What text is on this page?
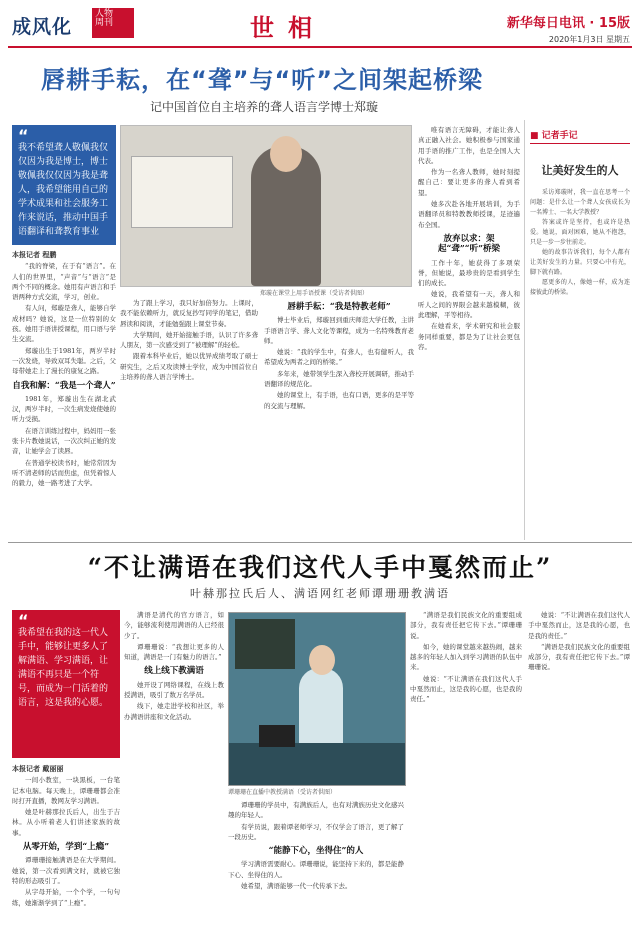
成风化
人物
周刊	世相	新华每日电讯 · 15版
2020年1月3日 星期五
唇耕手耘，在“聋”与“听”之间架起桥梁
记中国首位自主培养的聋人语言学博士郑璇
“
我不希望聋人敬佩我仅仅因为我是博士，博士敬佩我仅仅因为我是聋人，我希望能用自己的学术成果和社会服务工作来说话，推动中国手语翻译和聋教育事业

本报记者 程鹏

“我的脊梁，在于有“语言”。在人们的世界里，“声音”与“语言”是两个不同的概念。她用有声语言和手语两种方式交流，学习，创业。

有人问，郑璇是聋人，能够自学成材吗？她说，这是一位特别的女孩。她用手语讲授课程，用口语与学生交流。

郑璇出生于1981年，两岁半时一次发烧，导致双耳失聪。之后，父母带她走上了漫长的康复之路。

自我和解：“我是一个聋人”

1981年，郑璇出生在湖北武汉，两岁半时，一次生病发烧使她的听力受损。

在语言训练过程中，妈妈用一张张卡片教她说话，一次次纠正她的发音，让她学会了读唇。

在普通学校读书时，她常常因为听不清老师的话而焦虑，但凭着惊人的毅力，她一路考进了大学。

郑璇在课堂上用手语授课（受访者供图）

为了跟上学习，我只好加倍努力。上课时，我不能依赖听力，就反复抄写同学的笔记，借助唇读和阅读，才能勉强跟上课堂节奏。

大学期间，她开始接触手语，认识了许多聋人朋友，第一次感受到了“被理解”的轻松。

跟着本科毕业后，她以优异成绩考取了硕士研究生，之后又攻读博士学位，成为中国首位自主培养的聋人语言学博士。

唇耕手耘：“我是特教老师”

博士毕业后，郑璇回到重庆师范大学任教，主讲手语语言学、聋人文化等课程，成为一名特殊教育老师。

她说：“我的学生中，有聋人，也有健听人，我希望成为两者之间的桥梁。”

多年来，她带领学生深入聋校开展调研，推动手语翻译的规范化。

她的课堂上，有手语，也有口语，更多的是平等的交流与理解。

唯有语言无障碍，才能让聋人真正融入社会。她积极参与国家通用手语的推广工作，也是全国人大代表。

作为一名聋人教师，她时刻提醒自己：要让更多的聋人看到希望。

她多次赴各地开展培训，为手语翻译员和特教教师授课，足迹遍布全国。

放弃以求：架起“聋”“听”桥梁

工作十年，她获得了多项荣誉，但她说，最珍贵的是看到学生们的成长。

她说，我希望有一天，聋人和听人之间的界限会越来越模糊，彼此理解，平等相待。

在她看来，学术研究和社会服务同样重要，都是为了让社会更包容。

■ 记者手记
让美好发生的人

采访郑璇时，我一直在思考一个问题：是什么让一个聋人女孩成长为一名博士、一名大学教授？

答案或许是坚持，也或许是热爱。她说，面对困难，她从不抱怨，只是一步一步往前走。

她的故事告诉我们，每个人都有让美好发生的力量。只要心中有光，脚下就有路。

愿更多的人，像她一样，成为连接彼此的桥梁。

“不让满语在我们这代人手中戛然而止”
叶赫那拉氏后人、满语网红老师谭珊珊教满语
“
我希望在我的这一代人手中，能够让更多人了解满语、学习满语，让满语不再只是一个符号，而成为一门活着的语言，这是我的心愿。

本报记者 戴丽丽

一间小教室，一块黑板，一台笔记本电脑。每天晚上，谭珊珊都会准时打开直播，教网友学习满语。

她是叶赫那拉氏后人，出生于吉林。从小听着老人们讲述家族的故事。

从零开始，学到“上瘾”

谭珊珊接触满语是在大学期间。她说，第一次看到满文时，就被它独特的形态吸引了。

从字母开始，一个个学，一句句练，她渐渐学到了“上瘾”。

满语是清代的官方语言，如今，能够流利使用满语的人已经很少了。

谭珊珊说：“我想让更多的人知道，满语是一门有魅力的语言。”

线上线下教满语

她开设了网络课程，在线上教授满语，吸引了数万名学员。

线下，她走进学校和社区，举办满语讲座和文化活动。

谭珊珊在直播中教授满语（受访者供图）

谭珊珊的学员中，有满族后人，也有对满族历史文化感兴趣的年轻人。

有学员说，跟着谭老师学习，不仅学会了语言，更了解了一段历史。

“能静下心，坐得住”的人

学习满语需要耐心。谭珊珊说，能坚持下来的，都是能静下心、坐得住的人。

她希望，满语能够一代一代传承下去。

“满语是我们民族文化的重要组成部分，我有责任把它传下去。”谭珊珊说。

如今，她的课堂越来越热闹，越来越多的年轻人加入到学习满语的队伍中来。

她说：“不让满语在我们这代人手中戛然而止，这是我的心愿，也是我的责任。”

她说：“不让满语在我们这代人手中戛然而止，这是我的心愿，也是我的责任。”

“满语是我们民族文化的重要组成部分，我有责任把它传下去。”谭珊珊说。
